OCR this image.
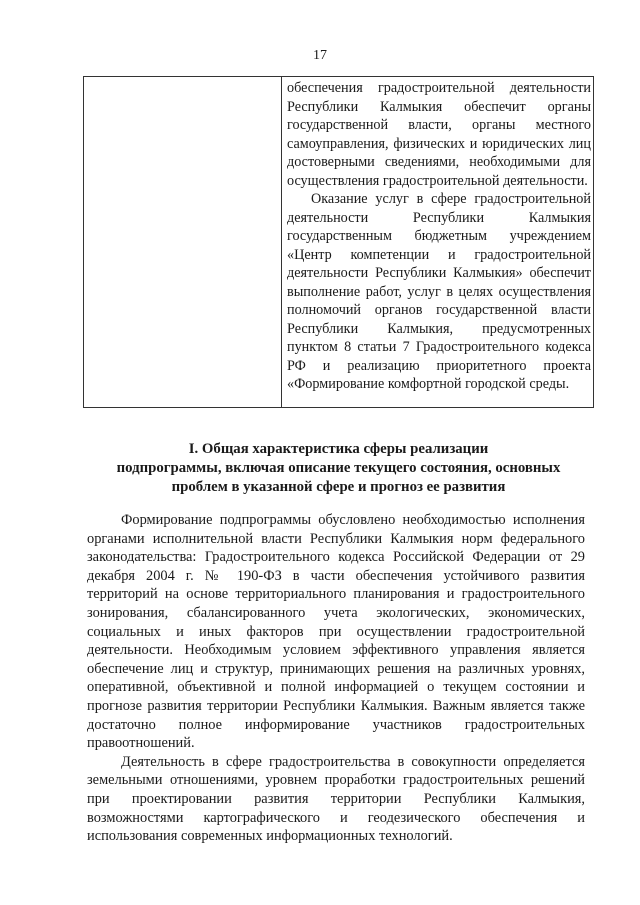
17

обеспечения градостроительной деятельности Республики Калмыкия обеспечит органы государственной власти, органы местного самоуправления, физических и юридических лиц достоверными сведениями, необходимыми для осуществления градостроительной деятельности.

Оказание услуг в сфере градостроительной деятельности Республики Калмыкия государственным бюджетным учреждением «Центр компетенции и градостроительной деятельности Республики Калмыкия» обеспечит выполнение работ, услуг в целях осуществления полномочий органов государственной власти Республики Калмыкия, предусмотренных пунктом 8 статьи 7 Градостроительного кодекса РФ и реализацию приоритетного проекта «Формирование комфортной городской среды.

I. Общая характеристика сферы реализации
подпрограммы, включая описание текущего состояния, основных
проблем в указанной сфере и прогноз ее развития

Формирование подпрограммы обусловлено необходимостью исполнения органами исполнительной власти Республики Калмыкия норм федерального законодательства: Градостроительного кодекса Российской Федерации от 29 декабря 2004 г. № 190-ФЗ в части обеспечения устойчивого развития территорий на основе территориального планирования и градостроительного зонирования, сбалансированного учета экологических, экономических, социальных и иных факторов при осуществлении градостроительной деятельности. Необходимым условием эффективного управления является обеспечение лиц и структур, принимающих решения на различных уровнях, оперативной, объективной и полной информацией о текущем состоянии и прогнозе развития территории Республики Калмыкия. Важным является также достаточно полное информирование участников градостроительных правоотношений.

Деятельность в сфере градостроительства в совокупности определяется земельными отношениями, уровнем проработки градостроительных решений при проектировании развития территории Республики Калмыкия, возможностями картографического и геодезического обеспечения и использования современных информационных технологий.
